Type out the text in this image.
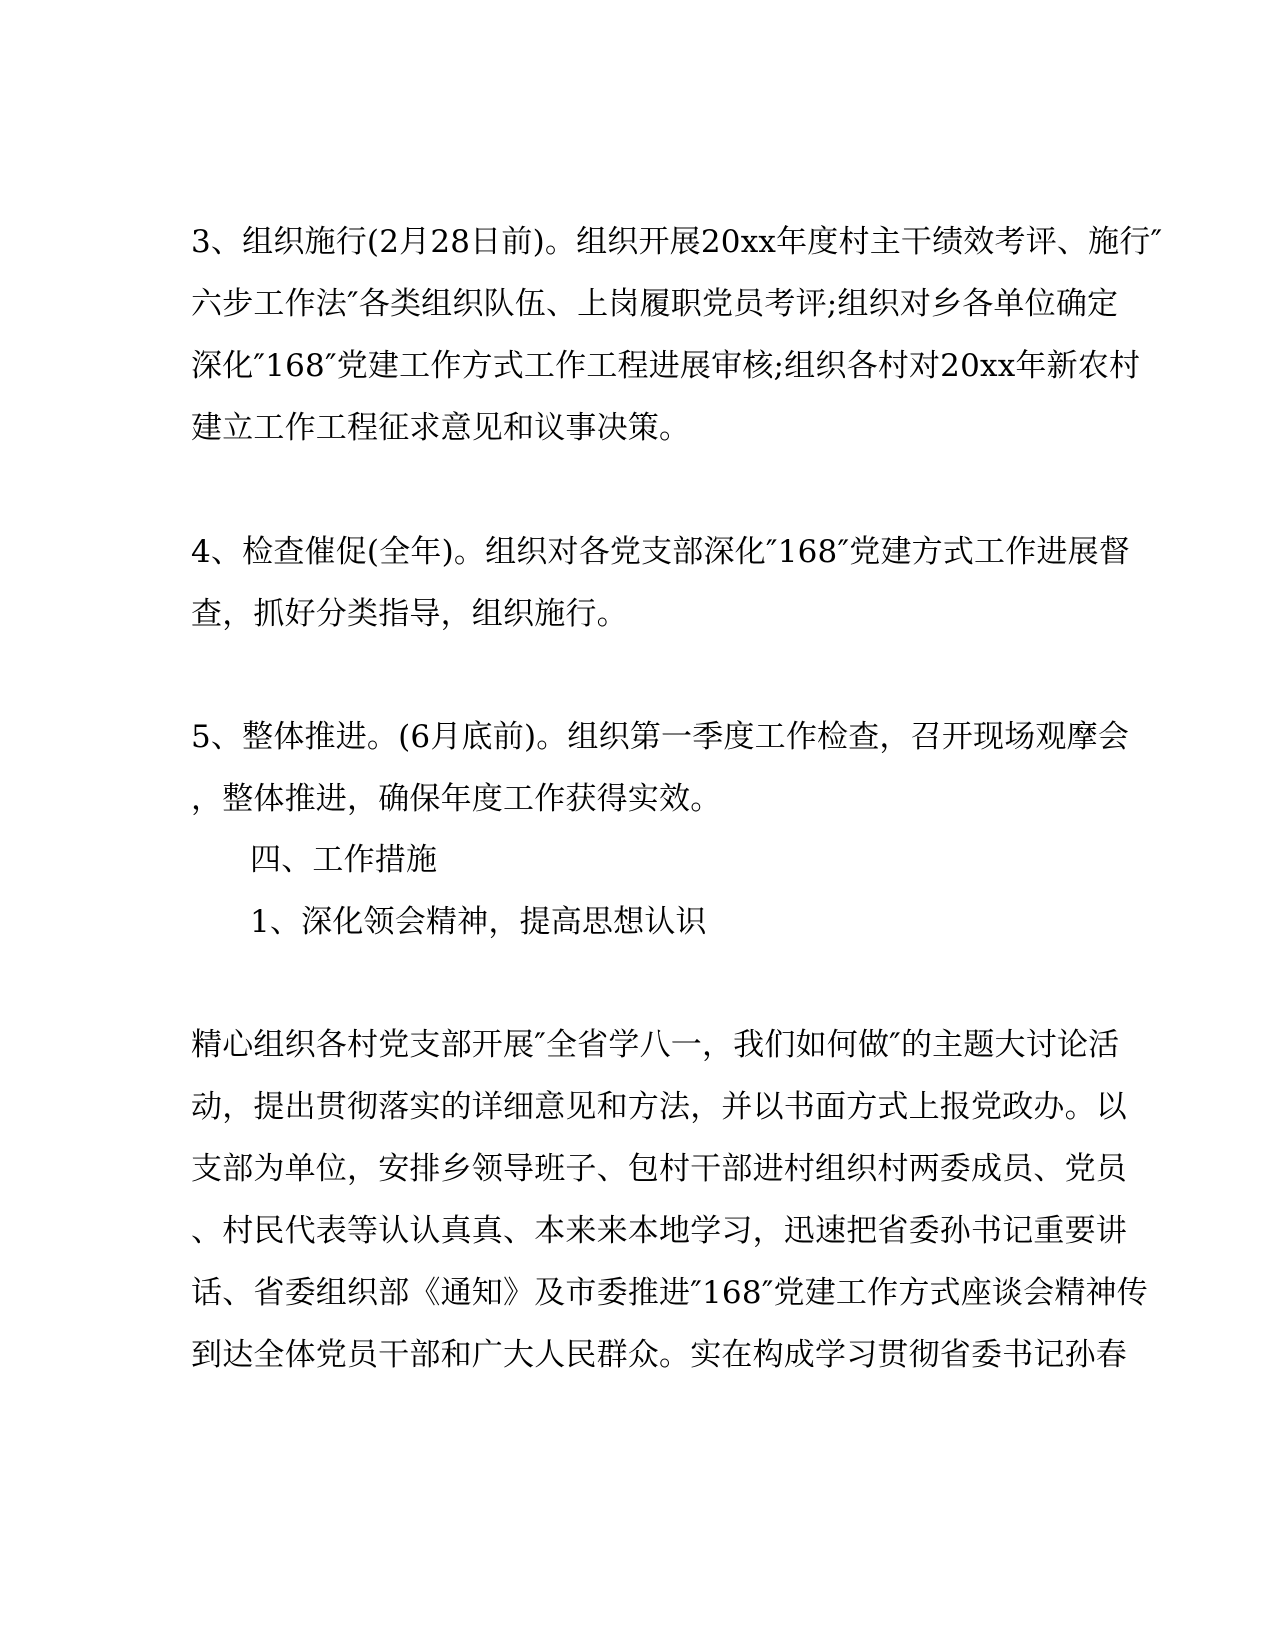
3、组织施行(2月28日前)。组织开展20xx年度村主干绩效考评、施行″
六步工作法″各类组织队伍、上岗履职党员考评;组织对乡各单位确定
深化″168″党建工作方式工作工程进展审核;组织各村对20xx年新农村
建立工作工程征求意见和议事决策。
4、检查催促(全年)。组织对各党支部深化″168″党建方式工作进展督
查，抓好分类指导，组织施行。
5、整体推进。(6月底前)。组织第一季度工作检查，召开现场观摩会
，整体推进，确保年度工作获得实效。
四、工作措施
1、深化领会精神，提高思想认识
精心组织各村党支部开展″全省学八一，我们如何做″的主题大讨论活
动，提出贯彻落实的详细意见和方法，并以书面方式上报党政办。以
支部为单位，安排乡领导班子、包村干部进村组织村两委成员、党员
、村民代表等认认真真、本来来本地学习，迅速把省委孙书记重要讲
话、省委组织部《通知》及市委推进″168″党建工作方式座谈会精神传
到达全体党员干部和广大人民群众。实在构成学习贯彻省委书记孙春
